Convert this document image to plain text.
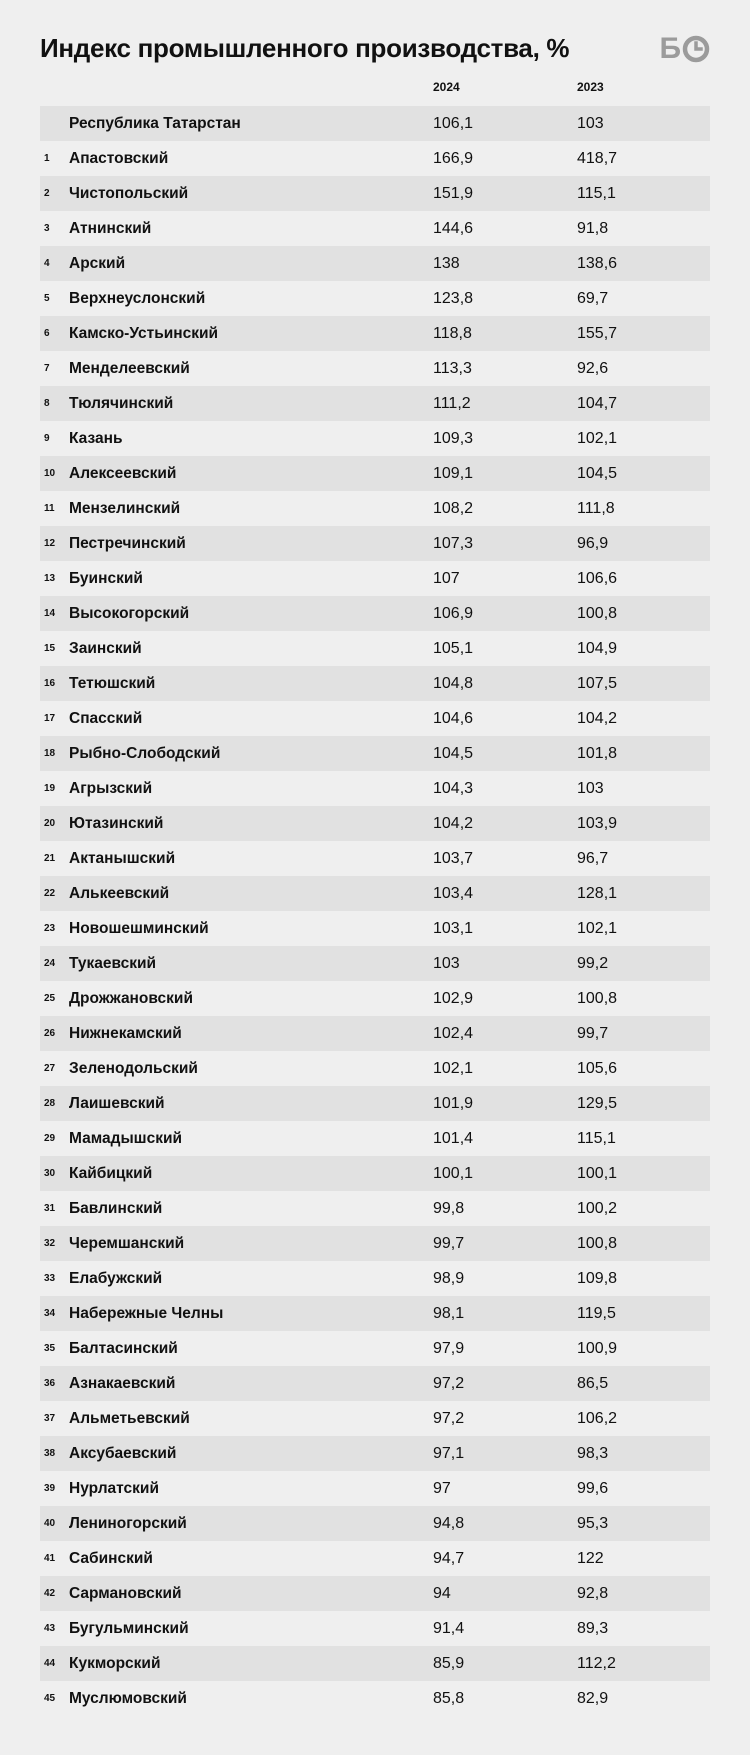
Индекс промышленного производства, %	Б
2024	2023
Республика Татарстан	106,1	103
1 Апастовский	166,9	418,7
2 Чистопольский	151,9	115,1
3 Атнинский	144,6	91,8
4 Арский	138	138,6
5 Верхнеуслонский	123,8	69,7
6 Камско-Устьинский	118,8	155,7
7 Менделеевский	113,3	92,6
8 Тюлячинский	111,2	104,7
9 Казань	109,3	102,1
10 Алексеевский	109,1	104,5
11 Мензелинский	108,2	111,8
12 Пестречинский	107,3	96,9
13 Буинский	107	106,6
14 Высокогорский	106,9	100,8
15 Заинский	105,1	104,9
16 Тетюшский	104,8	107,5
17 Спасский	104,6	104,2
18 Рыбно-Слободский	104,5	101,8
19 Агрызский	104,3	103
20 Ютазинский	104,2	103,9
21 Актанышский	103,7	96,7
22 Алькеевский	103,4	128,1
23 Новошешминский	103,1	102,1
24 Тукаевский	103	99,2
25 Дрожжановский	102,9	100,8
26 Нижнекамский	102,4	99,7
27 Зеленодольский	102,1	105,6
28 Лаишевский	101,9	129,5
29 Мамадышский	101,4	115,1
30 Кайбицкий	100,1	100,1
31 Бавлинский	99,8	100,2
32 Черемшанский	99,7	100,8
33 Елабужский	98,9	109,8
34 Набережные Челны	98,1	119,5
35 Балтасинский	97,9	100,9
36 Азнакаевский	97,2	86,5
37 Альметьевский	97,2	106,2
38 Аксубаевский	97,1	98,3
39 Нурлатский	97	99,6
40 Лениногорский	94,8	95,3
41 Сабинский	94,7	122
42 Сармановский	94	92,8
43 Бугульминский	91,4	89,3
44 Кукморский	85,9	112,2
45 Муслюмовский	85,8	82,9
